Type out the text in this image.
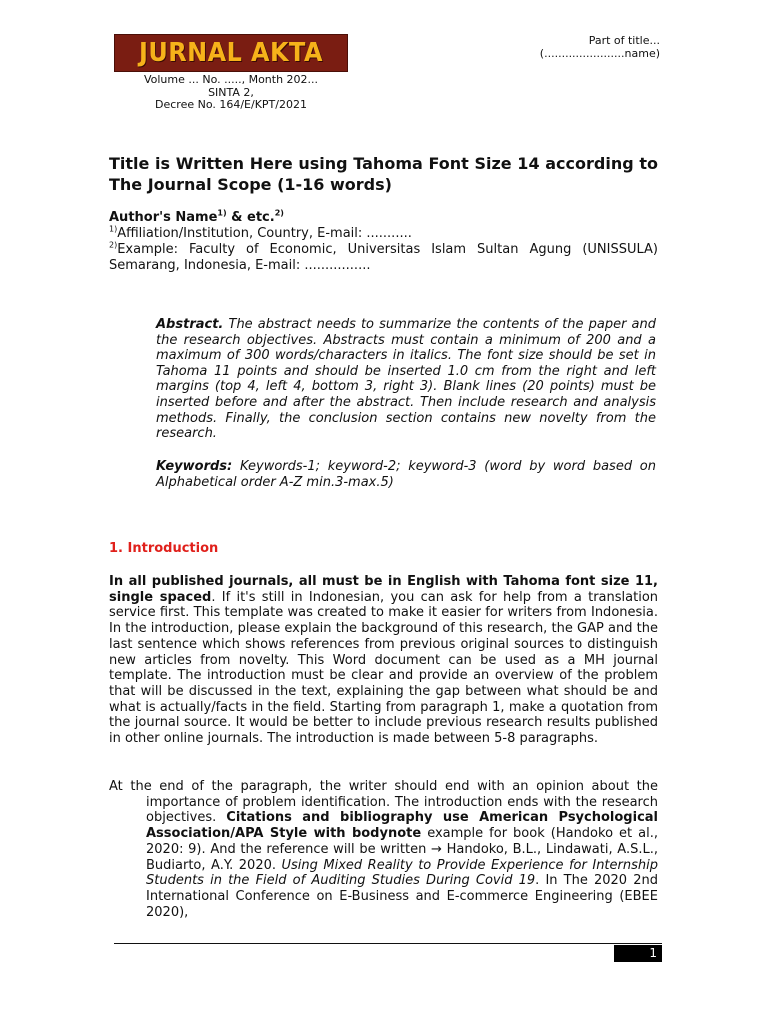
JURNAL AKTA
Volume ... No. ....., Month 202...
SINTA 2,
Decree No. 164/E/KPT/2021
Part of title...
(.......................name)
Title is Written Here using Tahoma Font Size 14 according to The Journal Scope (1-16 words)
Author's Name$^{1)}$ & etc.$^{2)}$
$^{1)}$Affiliation/Institution, Country, E-mail: ...........
$^{2)}$Example: Faculty of Economic, Universitas Islam Sultan Agung (UNISSULA) Semarang, Indonesia, E-mail: ................
Abstract. The abstract needs to summarize the contents of the paper and the research objectives. Abstracts must contain a minimum of 200 and a maximum of 300 words/characters in italics. The font size should be set in Tahoma 11 points and should be inserted 1.0 cm from the right and left margins (top 4, left 4, bottom 3, right 3). Blank lines (20 points) must be inserted before and after the abstract. Then include research and analysis methods. Finally, the conclusion section contains new novelty from the research.
Keywords: Keywords-1; keyword-2; keyword-3 (word by word based on Alphabetical order A-Z min.3-max.5)
1. Introduction
In all published journals, all must be in English with Tahoma font size 11, single spaced. If it's still in Indonesian, you can ask for help from a translation service first. This template was created to make it easier for writers from Indonesia. In the introduction, please explain the background of this research, the GAP and the last sentence which shows references from previous original sources to distinguish new articles from novelty. This Word document can be used as a MH journal template. The introduction must be clear and provide an overview of the problem that will be discussed in the text, explaining the gap between what should be and what is actually/facts in the field. Starting from paragraph 1, make a quotation from the journal source. It would be better to include previous research results published in other online journals. The introduction is made between 5-8 paragraphs.
At the end of the paragraph, the writer should end with an opinion about the importance of problem identification. The introduction ends with the research objectives. Citations and bibliography use American Psychological Association/APA Style with bodynote example for book (Handoko et al., 2020: 9). And the reference will be written → Handoko, B.L., Lindawati, A.S.L., Budiarto, A.Y. 2020. Using Mixed Reality to Provide Experience for Internship Students in the Field of Auditing Studies During Covid 19. In The 2020 2nd International Conference on E-Business and E-commerce Engineering (EBEE 2020),
1
